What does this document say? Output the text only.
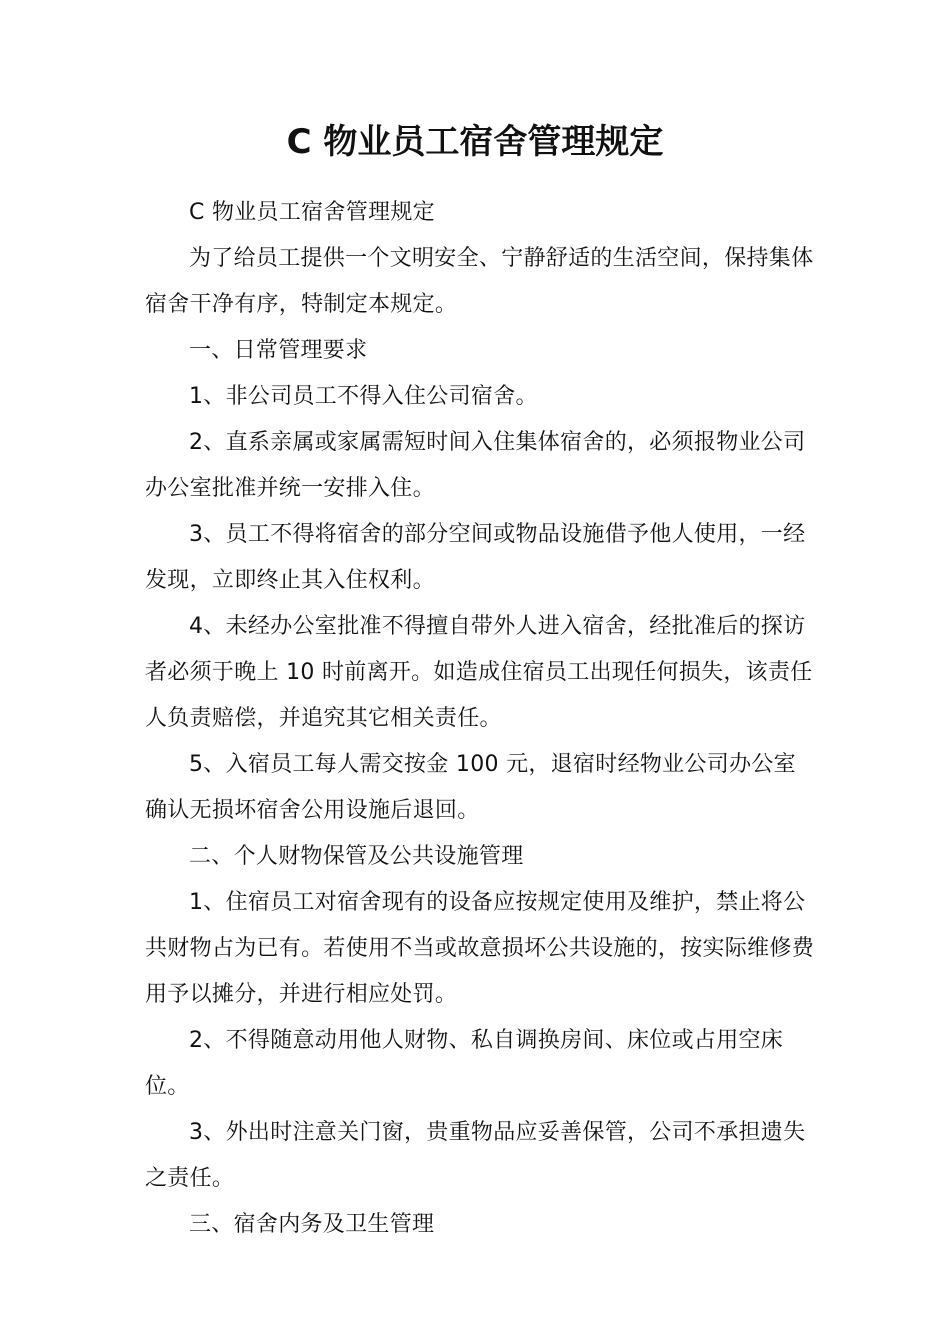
C 物业员工宿舍管理规定

C 物业员工宿舍管理规定

为了给员工提供一个文明安全、宁静舒适的生活空间，保持集体宿舍干净有序，特制定本规定。

一、日常管理要求

1、非公司员工不得入住公司宿舍。

2、直系亲属或家属需短时间入住集体宿舍的，必须报物业公司办公室批准并统一安排入住。

3、员工不得将宿舍的部分空间或物品设施借予他人使用，一经发现，立即终止其入住权利。

4、未经办公室批准不得擅自带外人进入宿舍，经批准后的探访者必须于晚上 10 时前离开。如造成住宿员工出现任何损失，该责任人负责赔偿，并追究其它相关责任。

5、入宿员工每人需交按金 100 元，退宿时经物业公司办公室确认无损坏宿舍公用设施后退回。

二、个人财物保管及公共设施管理

1、住宿员工对宿舍现有的设备应按规定使用及维护，禁止将公共财物占为已有。若使用不当或故意损坏公共设施的，按实际维修费用予以摊分，并进行相应处罚。

2、不得随意动用他人财物、私自调换房间、床位或占用空床位。

3、外出时注意关门窗，贵重物品应妥善保管，公司不承担遗失之责任。

三、宿舍内务及卫生管理
